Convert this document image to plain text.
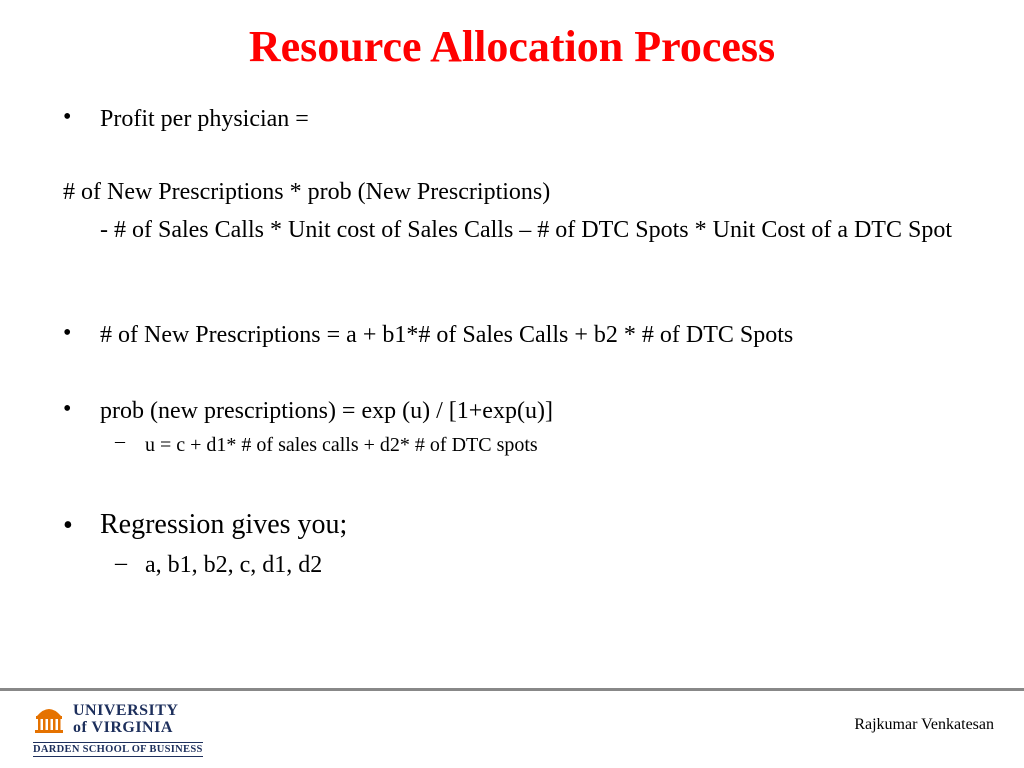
Resource Allocation Process
• Profit per physician =
# of New Prescriptions * prob (New Prescriptions)
- # of Sales Calls * Unit cost of Sales Calls – # of DTC Spots * Unit Cost of a DTC Spot
• # of New Prescriptions = a + b1*# of Sales Calls + b2 * # of DTC Spots
• prob (new prescriptions) = exp (u) / [1+exp(u)]
– u = c + d1* # of sales calls + d2* # of DTC spots
• Regression gives you;
– a, b1, b2, c, d1, d2
UNIVERSITY
of VIRGINIA
DARDEN SCHOOL OF BUSINESS
Rajkumar Venkatesan
